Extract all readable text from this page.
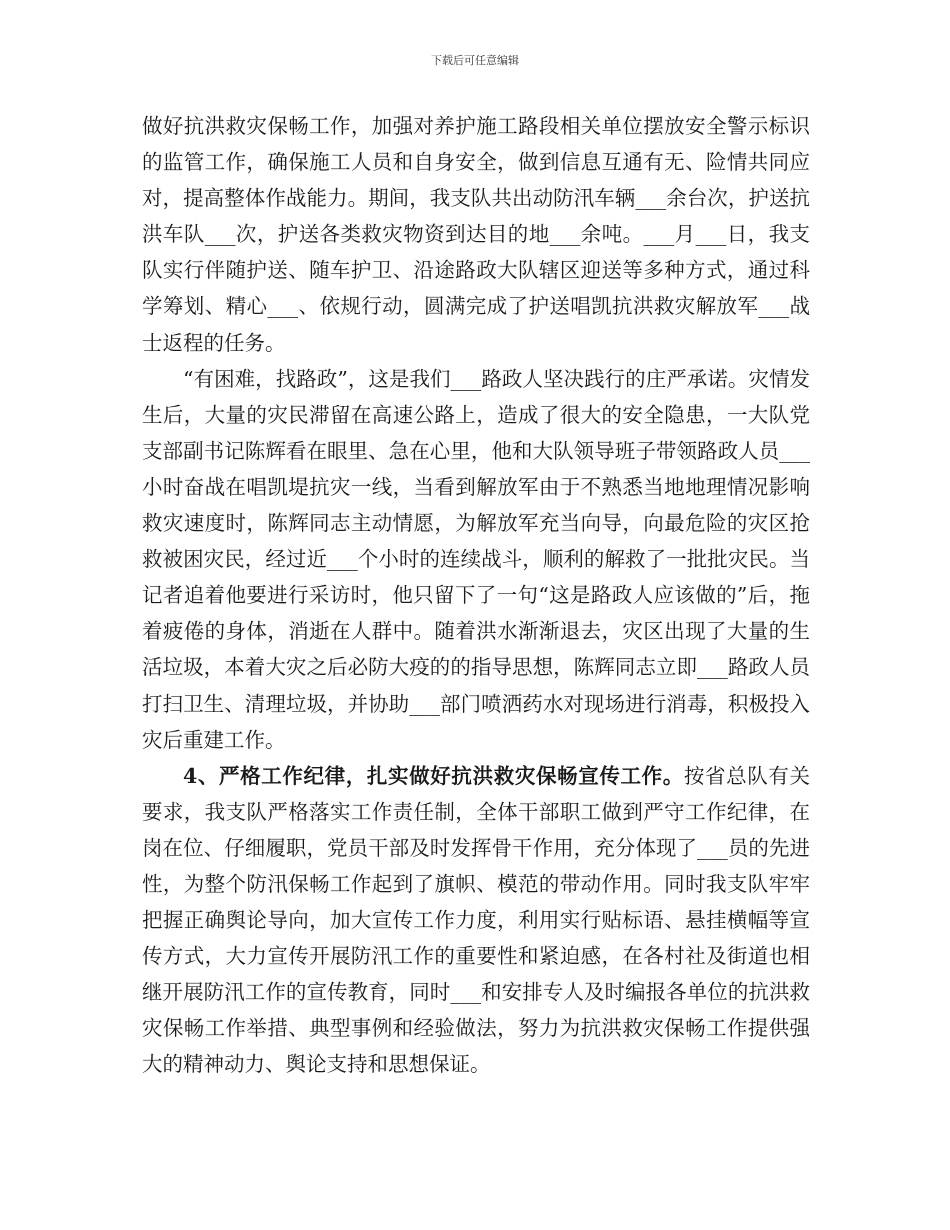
下载后可任意编辑

做好抗洪救灾保畅工作，加强对养护施工路段相关单位摆放安全警示标识的监管工作，确保施工人员和自身安全，做到信息互通有无、险情共同应对，提高整体作战能力。期间，我支队共出动防汛车辆___余台次，护送抗洪车队___次，护送各类救灾物资到达目的地___余吨。___月___日，我支队实行伴随护送、随车护卫、沿途路政大队辖区迎送等多种方式，通过科学筹划、精心___、依规行动，圆满完成了护送唱凯抗洪救灾解放军___战士返程的任务。

“有困难，找路政”，这是我们___路政人坚决践行的庄严承诺。灾情发生后，大量的灾民滞留在高速公路上，造成了很大的安全隐患，一大队党支部副书记陈辉看在眼里、急在心里，他和大队领导班子带领路政人员___小时奋战在唱凯堤抗灾一线，当看到解放军由于不熟悉当地地理情况影响救灾速度时，陈辉同志主动情愿，为解放军充当向导，向最危险的灾区抢救被困灾民，经过近___个小时的连续战斗，顺利的解救了一批批灾民。当记者追着他要进行采访时，他只留下了一句“这是路政人应该做的”后，拖着疲倦的身体，消逝在人群中。随着洪水渐渐退去，灾区出现了大量的生活垃圾，本着大灾之后必防大疫的的指导思想，陈辉同志立即___路政人员打扫卫生、清理垃圾，并协助___部门喷洒药水对现场进行消毒，积极投入灾后重建工作。

4、严格工作纪律，扎实做好抗洪救灾保畅宣传工作。按省总队有关要求，我支队严格落实工作责任制，全体干部职工做到严守工作纪律，在岗在位、仔细履职，党员干部及时发挥骨干作用，充分体现了___员的先进性，为整个防汛保畅工作起到了旗帜、模范的带动作用。同时我支队牢牢把握正确舆论导向，加大宣传工作力度，利用实行贴标语、悬挂横幅等宣传方式，大力宣传开展防汛工作的重要性和紧迫感，在各村社及街道也相继开展防汛工作的宣传教育，同时___和安排专人及时编报各单位的抗洪救灾保畅工作举措、典型事例和经验做法，努力为抗洪救灾保畅工作提供强大的精神动力、舆论支持和思想保证。
